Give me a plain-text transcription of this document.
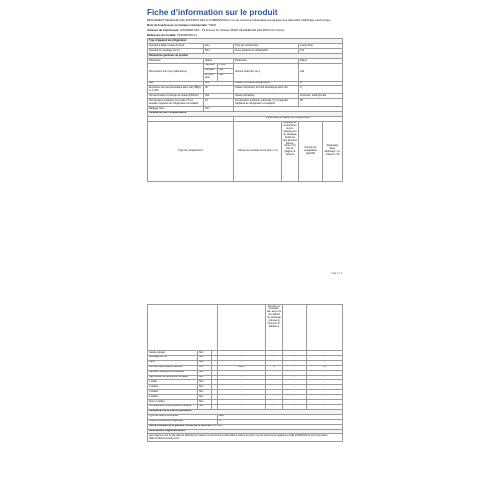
Fiche d’information sur le produit
RÈGLEMENT DÉLÉGUÉ (UE) 2019/2016 DE LA COMMISSION en ce qui concerne l’étiquetage énergétique des dispositifs d’affichage électronique
Nom du fournisseur ou marque commerciale: TOER
Adresse du fournisseur: WOODER SAS - 13 Avenue de l'Artisan 35420 VILLENEUVE LES BOULOC France
Référence du modèle: TRF260F3W-11
Type d’appareil de réfrigération:						
Appareil à faible niveau de bruit:	Non		Type de construction:		à pose libre	
Appareil de stockage du vin:	Non		Autre appareil de réfrigération:		Oui	
Paramètres généraux du produit:						
Paramètre	Valeur		Paramètre		Valeur	
Dimensions hors tout (millimètres)	Hau-teur	1 836	Volume total (dm³ ou l)		242	
	Lar-geur	544				
	Pro-fon-deur	593				
IEE	100		Classe d’efficacité énergé-tique		E	
Émissions de bruit acoustique dans l’air [dB(A) re 1 pW]	40		Classe d’émission de bruit acoustique dans l’air		C	
Consommation d’énergie an-nuelle (kWh/an)	304		Classe climatique:		tempérée, subtropi-cale	
Température ambiante mini-male (°C) à laquelle l’appareil de réfrigération est adapté	16		Température ambiante maximale (°C) à laquelle l’appareil de réfrigération est adapté		38	
Réglage hiver	Non					
Paramètres des compartiments:						
			Paramètres et valeurs du compartiment			
Type de compartiment			Volume de compart-iment (dm³ ou l)	Réglage de température recom-mandé pour un stockage optimi-sé des denrées alimen-taires (°C) Ces ré-glages ne doivent	Pouvoir de congélation (kg/24h)	Dégivrage (auto-dégivrage = A, manuel = M)
Pae 1 / 2
				pas être en contradic-tion avec les con-ditions de stockage prévues à l’annexe IV, tableau 3		
Garde-manger	Non		-	-	-	-
Stockage du vin	Non		-	-	-	-
Cave	Non		-	-	-	-
Denrées alimentaires fraîches	Oui		242,0	4	-	M
Denrées hautement périssables	Non		-	-	-	-
Sans étoile ou fabrica-tion de glace	Non		-	-	-	-
1 étoile	Non		-	-	-	-
2 étoiles	Non		-	-	-	-
3 étoiles	Non		-	-	-	-
4 étoiles	Non		-	-	-	-
Zone 2 étoiles	Non		-	-	-	-
Compartiment à tem-pérature variable	Non		-	-	-	-
Paramètres de la source lumineuse:						
Type de source lumineuse			LED			
Classe d’efficacité énergétique			G			
Durée minimale de la garantie offerte par le fabricant: 24 mois						
Informations supplémentaires:						
Lien internet vers le site web du fabricant sur lequel se trouvent les informations visées au point 4 a) de l’annexe du règlement (UE) 2019/2019 de la Commission: https://redirect.wooder.com/						
